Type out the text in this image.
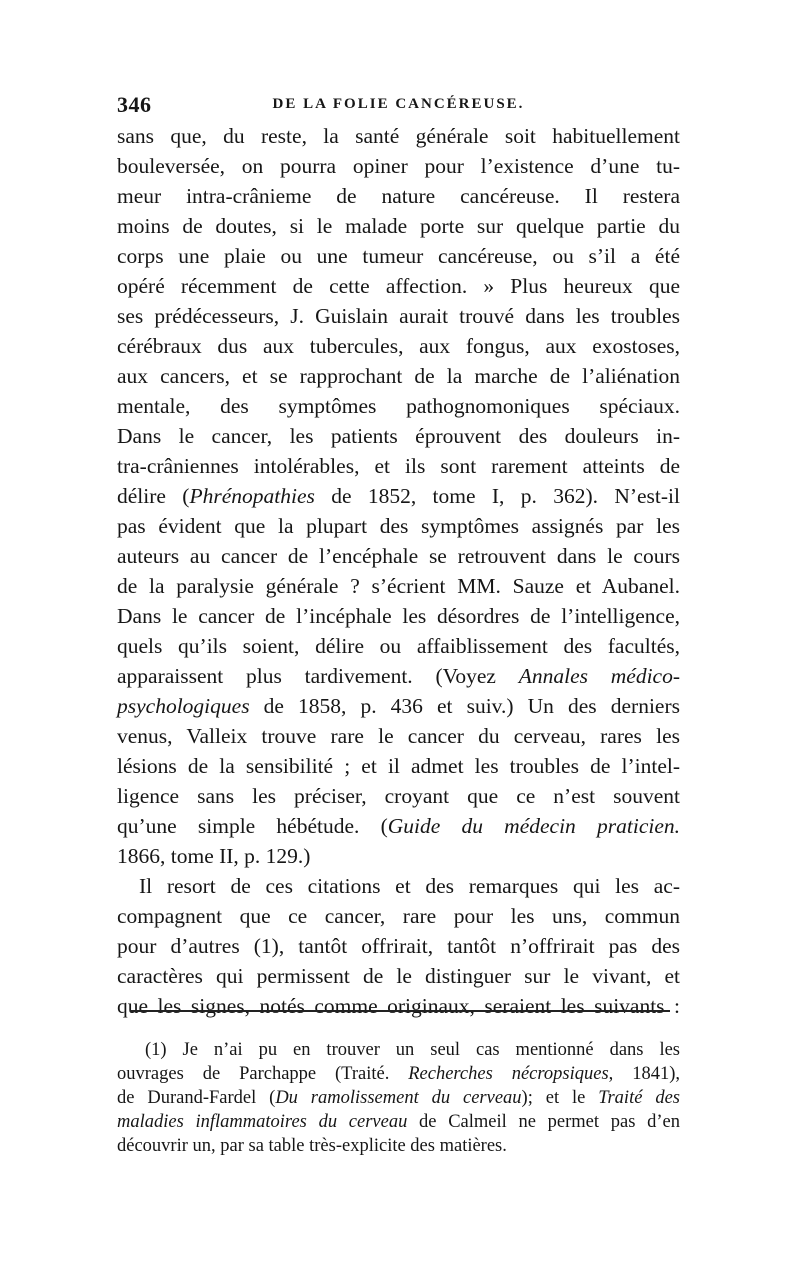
346	DE LA FOLIE CANCÉREUSE.
sans que, du reste, la santé générale soit habituellement
bouleversée, on pourra opiner pour l’existence d’une tu-
meur intra-crânieme de nature cancéreuse. Il restera
moins de doutes, si le malade porte sur quelque partie du
corps une plaie ou une tumeur cancéreuse, ou s’il a été
opéré récemment de cette affection. » Plus heureux que
ses prédécesseurs, J. Guislain aurait trouvé dans les troubles
cérébraux dus aux tubercules, aux fongus, aux exostoses,
aux cancers, et se rapprochant de la marche de l’aliénation
mentale, des symptômes pathognomoniques spéciaux.
Dans le cancer, les patients éprouvent des douleurs in-
tra-crâniennes intolérables, et ils sont rarement atteints de
délire (Phrénopathies de 1852, tome I, p. 362). N’est-il
pas évident que la plupart des symptômes assignés par les
auteurs au cancer de l’encéphale se retrouvent dans le cours
de la paralysie générale ? s’écrient MM. Sauze et Aubanel.
Dans le cancer de l’incéphale les désordres de l’intelligence,
quels qu’ils soient, délire ou affaiblissement des facultés,
apparaissent plus tardivement. (Voyez Annales médico-
psychologiques de 1858, p. 436 et suiv.) Un des derniers
venus, Valleix trouve rare le cancer du cerveau, rares les
lésions de la sensibilité ; et il admet les troubles de l’intel-
ligence sans les préciser, croyant que ce n’est souvent
qu’une simple hébétude. (Guide du médecin praticien.
1866, tome II, p. 129.)
Il resort de ces citations et des remarques qui les ac-
compagnent que ce cancer, rare pour les uns, commun
pour d’autres (1), tantôt offrirait, tantôt n’offrirait pas des
caractères qui permissent de le distinguer sur le vivant, et
que les signes, notés comme originaux, seraient les suivants :
(1) Je n’ai pu en trouver un seul cas mentionné dans les
ouvrages de Parchappe (Traité. Recherches nécropsiques, 1841),
de Durand-Fardel (Du ramolissement du cerveau); et le Traité des
maladies inflammatoires du cerveau de Calmeil ne permet pas d’en
découvrir un, par sa table très-explicite des matières.
